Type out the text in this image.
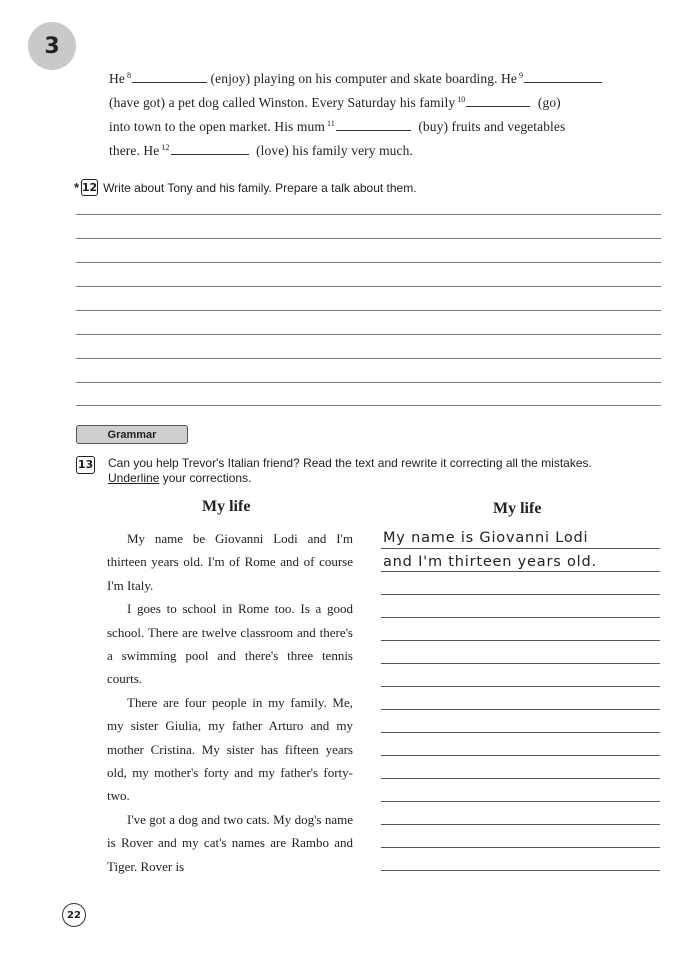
3
He $^8$	(enjoy) playing on his computer and skate boarding. He $^9$
(have got) a pet dog called Winston. Every Saturday his family $^{10}$	(go)
into town to the open market. His mum $^{11}$	(buy) fruits and vegetables
there. He $^{12}$	(love) his family very much.
* 12 Write about Tony and his family. Prepare a talk about them.
Grammar
13 Can you help Trevor's Italian friend? Read the text and rewrite it correcting all the mistakes.
Underline your corrections.
My life

My name be Giovanni Lodi and I'm thirteen years old. I'm of Rome and of course I'm Italy.

I goes to school in Rome too. Is a good school. There are twelve classroom and there's a swimming pool and there's three tennis courts.

There are four people in my family. Me, my sister Giulia, my father Arturo and my mother Cristina. My sister has fifteen years old, my mother's forty and my father's forty-two.

I've got a dog and two cats. My dog's name is Rover and my cat's names are Rambo and Tiger. Rover is

My life
My name is Giovanni Lodi
and I'm thirteen years old.
22
